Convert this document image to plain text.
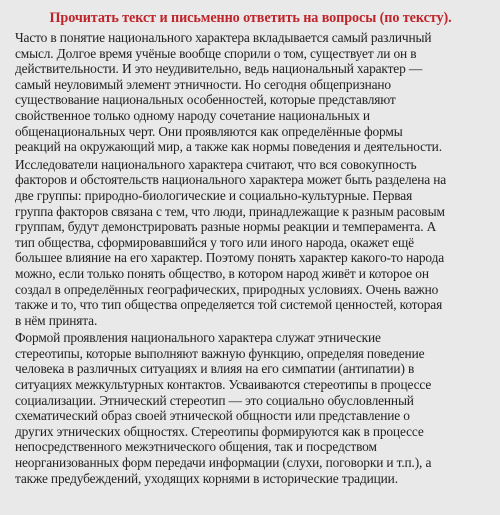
Прочитать текст и письменно ответить на вопросы (по тексту).

Часто в понятие национального характера вкладывается самый различный
смысл. Долгое время учёные вообще спорили о том, существует ли он в
действительности. И это неудивительно, ведь национальный характер —
самый неуловимый элемент этничности. Но сегодня общепризнано
существование национальных особенностей, которые представляют
свойственное только одному народу сочетание национальных и
общенациональных черт. Они проявляются как определённые формы
реакций на окружающий мир, а также как нормы поведения и деятельности.

Исследователи национального характера считают, что вся совокупность
факторов и обстоятельств национального характера может быть разделена на
две группы: природно-биологические и социально-культурные. Первая
группа факторов связана с тем, что люди, принадлежащие к разным расовым
группам, будут демонстрировать разные нормы реакции и темперамента. А
тип общества, сформировавшийся у того или иного народа, окажет ещё
большее влияние на его характер. Поэтому понять характер какого-то народа
можно, если только понять общество, в котором народ живёт и которое он
создал в определённых географических, природных условиях. Очень важно
также и то, что тип общества определяется той системой ценностей, которая
в нём принята.

Формой проявления национального характера служат этнические
стереотипы, которые выполняют важную функцию, определяя поведение
человека в различных ситуациях и влияя на его симпатии (антипатии) в
ситуациях межкультурных контактов. Усваиваются стереотипы в процессе
социализации. Этнический стереотип — это социально обусловленный
схематический образ своей этнической общности или представление о
других этнических общностях. Стереотипы формируются как в процессе
непосредственного межэтнического общения, так и посредством
неорганизованных форм передачи информации (слухи, поговорки и т.п.), а
также предубеждений, уходящих корнями в исторические традиции.
